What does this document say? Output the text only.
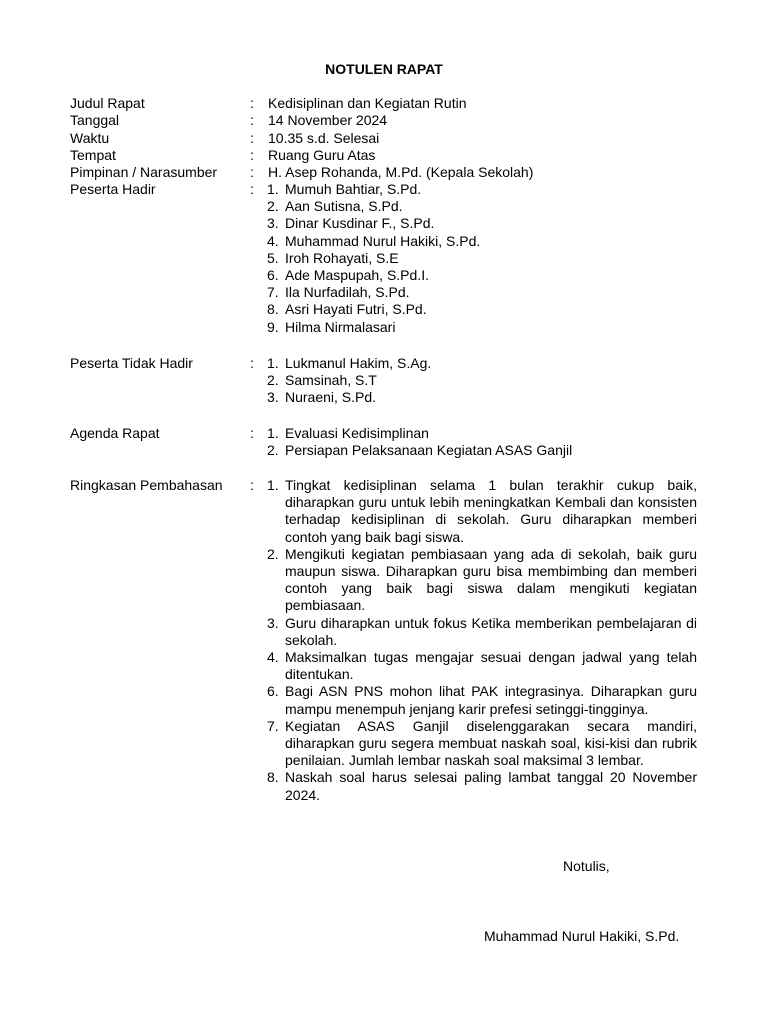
NOTULEN RAPAT
Judul Rapat	: Kedisiplinan dan Kegiatan Rutin
Tanggal	: 14 November 2024
Waktu	: 10.35 s.d. Selesai
Tempat	: Ruang Guru Atas
Pimpinan / Narasumber : H. Asep Rohanda, M.Pd. (Kepala Sekolah)
Peserta Hadir	: 1. Mumuh Bahtiar, S.Pd.
2. Aan Sutisna, S.Pd.
3. Dinar Kusdinar F., S.Pd.
4. Muhammad Nurul Hakiki, S.Pd.
5. Iroh Rohayati, S.E
6. Ade Maspupah, S.Pd.I.
7. Ila Nurfadilah, S.Pd.
8. Asri Hayati Futri, S.Pd.
9. Hilma Nirmalasari
Peserta Tidak Hadir	: 1. Lukmanul Hakim, S.Ag.
2. Samsinah, S.T
3. Nuraeni, S.Pd.
Agenda Rapat	: 1. Evaluasi Kedisimplinan
2. Persiapan Pelaksanaan Kegiatan ASAS Ganjil
Ringkasan Pembahasan : 1. Tingkat kedisiplinan selama 1 bulan terakhir cukup baik, diharapkan guru untuk lebih meningkatkan Kembali dan konsisten terhadap kedisiplinan di sekolah. Guru diharapkan memberi contoh yang baik bagi siswa.
2. Mengikuti kegiatan pembiasaan yang ada di sekolah, baik guru maupun siswa. Diharapkan guru bisa membimbing dan memberi contoh yang baik bagi siswa dalam mengikuti kegiatan pembiasaan.
3. Guru diharapkan untuk fokus Ketika memberikan pembelajaran di sekolah.
4. Maksimalkan tugas mengajar sesuai dengan jadwal yang telah ditentukan.
6. Bagi ASN PNS mohon lihat PAK integrasinya. Diharapkan guru mampu menempuh jenjang karir prefesi setinggi-tingginya.
7. Kegiatan ASAS Ganjil diselenggarakan secara mandiri, diharapkan guru segera membuat naskah soal, kisi-kisi dan rubrik penilaian. Jumlah lembar naskah soal maksimal 3 lembar.
8. Naskah soal harus selesai paling lambat tanggal 20 November 2024.
Notulis,
Muhammad Nurul Hakiki, S.Pd.
